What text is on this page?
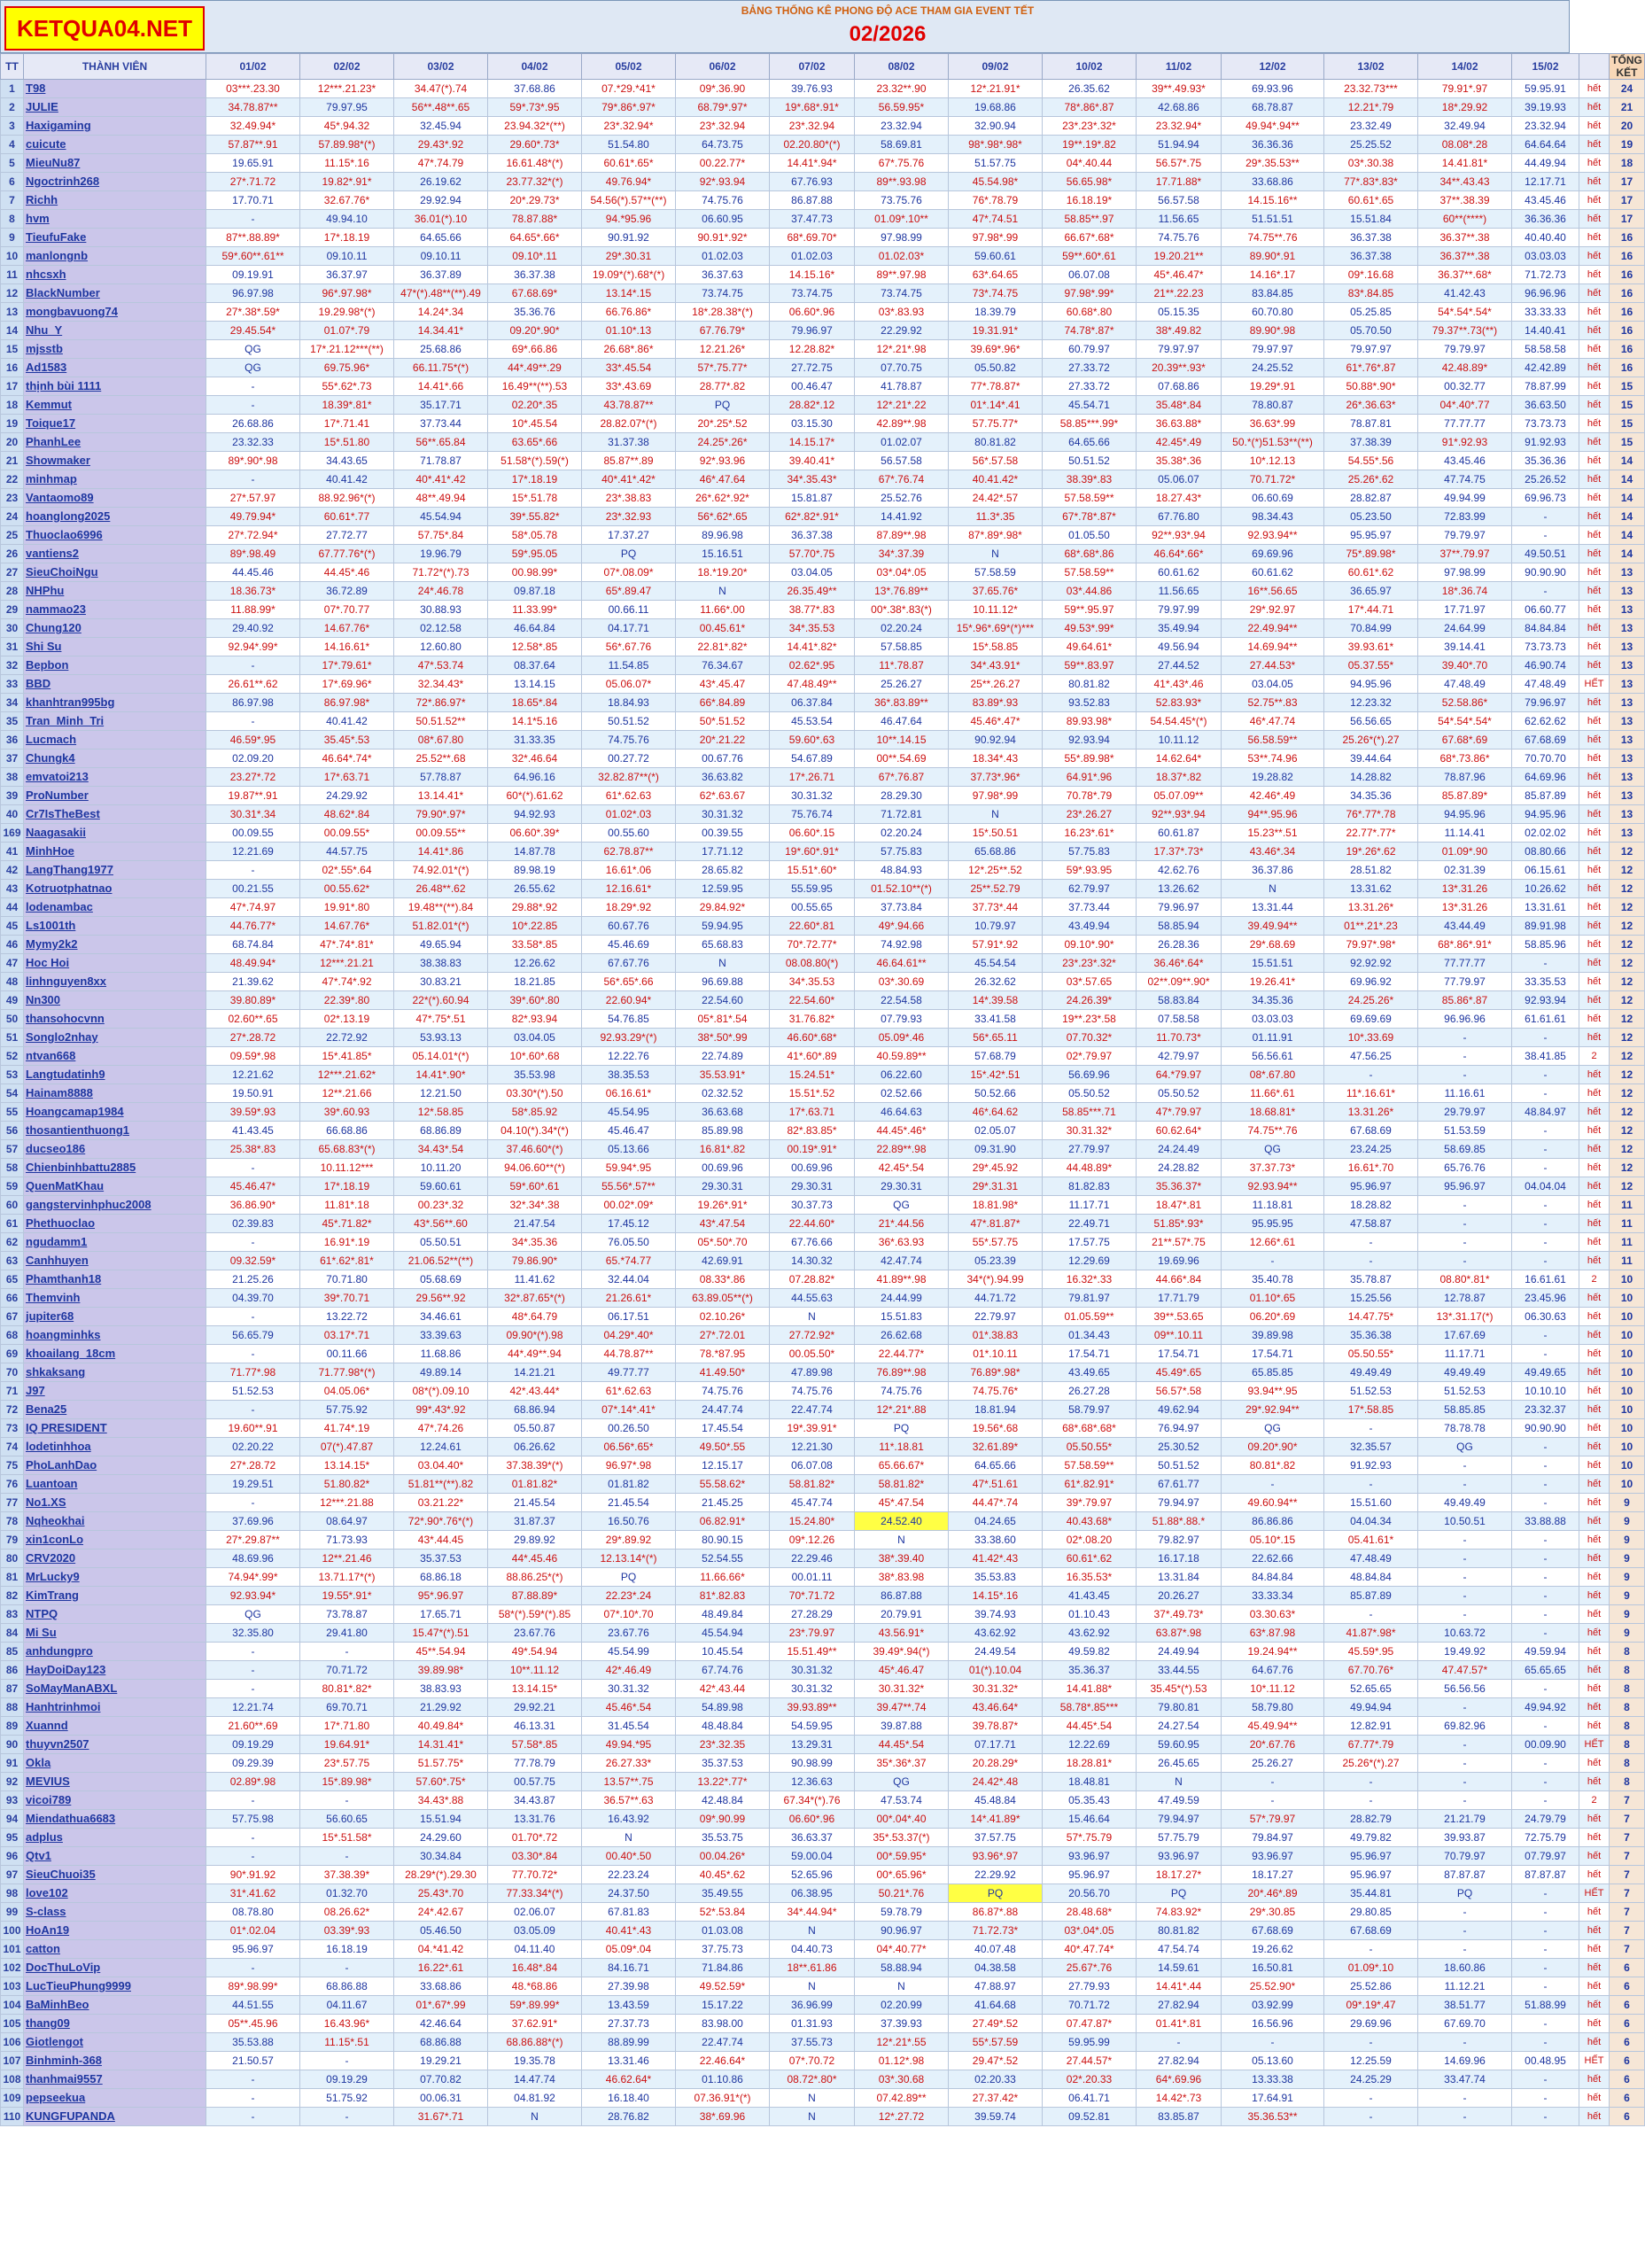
KETQUA04.NET
BẢNG THỐNG KÊ PHONG ĐỘ ACE THAM GIA EVENT TẾT
02/2026
TT	THÀNH VIÊN	01/02	02/02	03/02	04/02	05/02	06/02	07/02	08/02	09/02	10/02	11/02	12/02	13/02	14/02	15/02		TỔNG KẾT
1	T98	03***.23.30	12***.21.23*	34.47(*).74	37.68.86	07.*29.*41*	09*.36.90	39.76.93	23.32**.90	12*.21.91*	26.35.62	39**.49.93*	69.93.96	23.32.73***	79.91*.97	59.95.91	hết	24
2	JULIE	34.78.87**	79.97.95	56**.48**.65	59*.73*.95	79*.86*.97*	68.79*.97*	19*.68*.91*	56.59.95*	19.68.86	78*.86*.87	42.68.86	68.78.87	12.21*.79	18*.29.92	39.19.93	hết	21
3	Haxigaming	32.49.94*	45*.94.32	32.45.94	23.94.32*(**)	23*.32.94*	23*.32.94	23*.32.94	23.32.94	32.90.94	23*.23*.32*	23.32.94*	49.94*.94**	23.32.49	32.49.94	23.32.94	hết	20
4	cuicute	57.87**.91	57.89.98*(*)	29.43*.92	29.60*.73*	51.54.80	64.73.75	02.20.80*(*)	58.69.81	98*.98*.98*	19**.19*.82	51.94.94	36.36.36	25.25.52	08.08*.28	64.64.64	hết	19
5	MieuNu87	19.65.91	11.15*.16	47*.74.79	16.61.48*(*)	60.61*.65*	00.22.77*	14.41*.94*	67*.75.76	51.57.75	04*.40.44	56.57*.75	29*.35.53**	03*.30.38	14.41.81*	44.49.94	hết	18
6	Ngoctrinh268	27*.71.72	19.82*.91*	26.19.62	23.77.32*(*)	49.76.94*	92*.93.94	67.76.93	89**.93.98	45.54.98*	56.65.98*	17.71.88*	33.68.86	77*.83*.83*	34**.43.43	12.17.71	hết	17
7	Richh	17.70.71	32.67.76*	29.92.94	20*.29.73*	54.56(*).57**(**)	74.75.76	86.87.88	73.75.76	76*.78.79	16.18.19*	56.57.58	14.15.16**	60.61*.65	37**.38.39	43.45.46	hết	17
8	hvm	-	49.94.10	36.01(*).10	78.87.88*	94.*95.96	06.60.95	37.47.73	01.09*.10**	47*.74.51	58.85**.97	11.56.65	51.51.51	15.51.84	60**(****)	36.36.36	hết	17
9	TieufuFake	87**.88.89*	17*.18.19	64.65.66	64.65*.66*	90.91.92	90.91*.92*	68*.69.70*	97.98.99	97.98*.99	66.67*.68*	74.75.76	74.75**.76	36.37.38	36.37**.38	40.40.40	hết	16
10	manlongnb	59*.60**.61**	09.10.11	09.10.11	09.10*.11	29*.30.31	01.02.03	01.02.03	01.02.03*	59.60.61	59**.60*.61	19.20.21**	89.90*.91	36.37.38	36.37**.38	03.03.03	hết	16
11	nhcsxh	09.19.91	36.37.97	36.37.89	36.37.38	19.09*(*).68*(*)	36.37.63	14.15.16*	89**.97.98	63*.64.65	06.07.08	45*.46.47*	14.16*.17	09*.16.68	36.37**.68*	71.72.73	hết	16
12	BlackNumber	96.97.98	96*.97.98*	47*(*).48**(**).49	67.68.69*	13.14*.15	73.74.75	73.74.75	73.74.75	73*.74.75	97.98*.99*	21**.22.23	83.84.85	83*.84.85	41.42.43	96.96.96	hết	16
13	mongbavuong74	27*.38*.59*	19.29.98*(*)	14.24*.34	35.36.76	66.76.86*	18*.28.38*(*)	06.60*.96	03*.83.93	18.39.79	60.68*.80	05.15.35	60.70.80	05.25.85	54*.54*.54*	33.33.33	hết	16
14	Nhu_Y	29.45.54*	01.07*.79	14.34.41*	09.20*.90*	01.10*.13	67.76.79*	79.96.97	22.29.92	19.31.91*	74.78*.87*	38*.49.82	89.90*.98	05.70.50	79.37**.73(**)	14.40.41	hết	16
15	mjsstb	QG	17*.21.12***(**)	25.68.86	69*.66.86	26.68*.86*	12.21.26*	12.28.82*	12*.21*.98	39.69*.96*	60.79.97	79.97.97	79.97.97	79.97.97	79.79.97	58.58.58	hết	16
16	Ad1583	QG	69.75.96*	66.11.75*(*)	44*.49**.29	33*.45.54	57*.75.77*	27.72.75	07.70.75	05.50.82	27.33.72	20.39**.93*	24.25.52	61*.76*.87	42.48.89*	42.42.89	hết	16
17	thịnh bùi 1111	-	55*.62*.73	14.41*.66	16.49**(**).53	33*.43.69	28.77*.82	00.46.47	41.78.87	77*.78.87*	27.33.72	07.68.86	19.29*.91	50.88*.90*	00.32.77	78.87.99	hết	15
18	Kemmut	-	18.39*.81*	35.17.71	02.20*.35	43.78.87**	PQ	28.82*.12	12*.21*.22	01*.14*.41	45.54.71	35.48*.84	78.80.87	26*.36.63*	04*.40*.77	36.63.50	hết	15
19	Toique17	26.68.86	17*.71.41	37.73.44	10*.45.54	28.82.07*(*)	20*.25*.52	03.15.30	42.89**.98	57.75.77*	58.85***.99*	36.63.88*	36.63*.99	78.87.81	77.77.77	73.73.73	hết	15
20	PhanhLee	23.32.33	15*.51.80	56**.65.84	63.65*.66	31.37.38	24.25*.26*	14.15.17*	01.02.07	80.81.82	64.65.66	42.45*.49	50.*(*)51.53**(**)	37.38.39	91*.92.93	91.92.93	hết	15
21	Showmaker	89*.90*.98	34.43.65	71.78.87	51.58*(*).59(*)	85.87**.89	92*.93.96	39.40.41*	56.57.58	56*.57.58	50.51.52	35.38*.36	10*.12.13	54.55*.56	43.45.46	35.36.36	hết	14
22	minhmap	-	40.41.42	40*.41*.42	17*.18.19	40*.41*.42*	46*.47.64	34*.35.43*	67*.76.74	40.41.42*	38.39*.83	05.06.07	70.71.72*	25.26*.62	47.74.75	25.26.52	hết	14
23	Vantaomo89	27*.57.97	88.92.96*(*)	48**.49.94	15*.51.78	23*.38.83	26*.62*.92*	15.81.87	25.52.76	24.42*.57	57.58.59**	18.27.43*	06.60.69	28.82.87	49.94.99	69.96.73	hết	14
24	hoanglong2025	49.79.94*	60.61*.77	45.54.94	39*.55.82*	23*.32.93	56*.62*.65	62*.82*.91*	14.41.92	11.3*.35	67*.78*.87*	67.76.80	98.34.43	05.23.50	72.83.99	-	hết	14
25	Thuoclao6996	27*.72.94*	27.72.77	57.75*.84	58*.05.78	17.37.27	89.96.98	36.37.38	87.89**.98	87*.89*.98*	01.05.50	92**.93*.94	92.93.94**	95.95.97	79.79.97	-	hết	14
26	vantiens2	89*.98.49	67.77.76*(*)	19.96.79	59*.95.05	PQ	15.16.51	57.70*.75	34*.37.39	N	68*.68*.86	46.64*.66*	69.69.96	75*.89.98*	37**.79.97	49.50.51	hết	14
27	SieuChoiNgu	44.45.46	44.45*.46	71.72*(*).73	00.98.99*	07*.08.09*	18.*19.20*	03.04.05	03*.04*.05	57.58.59	57.58.59**	60.61.62	60.61.62	60.61*.62	97.98.99	90.90.90	hết	13
28	NHPhu	18.36.73*	36.72.89	24*.46.78	09.87.18	65*.89.47	N	26.35.49**	13*.76.89**	37.65.76*	03*.44.86	11.56.65	16**.56.65	36.65.97	18*.36.74	-	hết	13
29	nammao23	11.88.99*	07*.70.77	30.88.93	11.33.99*	00.66.11	11.66*.00	38.77*.83	00*.38*.83(*)	10.11.12*	59**.95.97	79.97.99	29*.92.97	17*.44.71	17.71.97	06.60.77	hết	13
30	Chung120	29.40.92	14.67.76*	02.12.58	46.64.84	04.17.71	00.45.61*	34*.35.53	02.20.24	15*.96*.69*(*)***	49.53*.99*	35.49.94	22.49.94**	70.84.99	24.64.99	84.84.84	hết	13
31	Shi Su	92.94*.99*	14.16.61*	12.60.80	12.58*.85	56*.67.76	22.81*.82*	14.41*.82*	57.58.85	15*.58.85	49.64.61*	49.56.94	14.69.94**	39.93.61*	39.14.41	73.73.73	hết	13
32	Bepbon	-	17*.79.61*	47*.53.74	08.37.64	11.54.85	76.34.67	02.62*.95	11*.78.87	34*.43.91*	59**.83.97	27.44.52	27.44.53*	05.37.55*	39.40*.70	46.90.74	hết	13
33	BBD	26.61**.62	17*.69.96*	32.34.43*	13.14.15	05.06.07*	43*.45.47	47.48.49**	25.26.27	25**.26.27	80.81.82	41*.43*.46	03.04.05	94.95.96	47.48.49	47.48.49	HẾT	13
34	khanhtran995bg	86.97.98	86.97.98*	72*.86.97*	18.65*.84	18.84.93	66*.84.89	06.37.84	36*.83.89**	83.89*.93	93.52.83	52.83.93*	52.75**.83	12.23.32	52.58.86*	79.96.97	hết	13
35	Tran_Minh_Tri	-	40.41.42	50.51.52**	14.1*5.16	50.51.52	50*.51.52	45.53.54	46.47.64	45.46*.47*	89.93.98*	54.54.45*(*)	46*.47.74	56.56.65	54*.54*.54*	62.62.62	hết	13
36	Lucmach	46.59*.95	35.45*.53	08*.67.80	31.33.35	74.75.76	20*.21.22	59.60*.63	10**.14.15	90.92.94	92.93.94	10.11.12	56.58.59**	25.26*(*).27	67.68*.69	67.68.69	hết	13
37	Chungk4	02.09.20	46.64*.74*	25.52**.68	32*.46.64	00.27.72	00.67.76	54.67.89	00**.54.69	18.34*.43	55*.89.98*	14.62.64*	53**.74.96	39.44.64	68*.73.86*	70.70.70	hết	13
38	emvatoi213	23.27*.72	17*.63.71	57.78.87	64.96.16	32.82.87**(*)	36.63.82	17*.26.71	67*.76.87	37.73*.96*	64.91*.96	18.37*.82	19.28.82	14.28.82	78.87.96	64.69.96	hết	13
39	ProNumber	19.87**.91	24.29.92	13.14.41*	60*(*).61.62	61*.62.63	62*.63.67	30.31.32	28.29.30	97.98*.99	70.78*.79	05.07.09**	42.46*.49	34.35.36	85.87.89*	85.87.89	hết	13
40	Cr7IsTheBest	30.31*.34	48.62*.84	79.90*.97*	94.92.93	01.02*.03	30.31.32	75.76.74	71.72.81	N	23*.26.27	92**.93*.94	94**.95.96	76*.77*.78	94.95.96	94.95.96	hết	13
169	Naagasakii	00.09.55	00.09.55*	00.09.55**	06.60*.39*	00.55.60	00.39.55	06.60*.15	02.20.24	15*.50.51	16.23*.61*	60.61.87	15.23**.51	22.77*.77*	11.14.41	02.02.02	hết	13
41	MinhHoe	12.21.69	44.57.75	14.41*.86	14.87.78	62.78.87**	17.71.12	19*.60*.91*	57.75.83	65.68.86	57.75.83	17.37*.73*	43.46*.34	19*.26*.62	01.09*.90	08.80.66	hết	12
42	LangThang1977	-	02*.55*.64	74.92.01*(*)	89.98.19	16.61*.06	28.65.82	15.51*.60*	48.84.93	12*.25**.52	59*.93.95	42.62.76	36.37.86	28.51.82	02.31.39	06.15.61	hết	12
43	Kotruotphatnao	00.21.55	00.55.62*	26.48**.62	26.55.62	12.16.61*	12.59.95	55.59.95	01.52.10**(*)	25**.52.79	62.79.97	13.26.62	N	13.31.62	13*.31.26	10.26.62	hết	12
44	lodenambac	47*.74.97	19.91*.80	19.48**(**).84	29.88*.92	18.29*.92	29.84.92*	00.55.65	37.73.84	37.73*.44	37.73.44	79.96.97	13.31.44	13.31.26*	13*.31.26	13.31.61	hết	12
45	Ls1001th	44.76.77*	14.67.76*	51.82.01*(*)	10*.22.85	60.67.76	59.94.95	22.60*.81	49*.94.66	10.79.97	43.49.94	58.85.94	39.49.94**	01**.21*.23	43.44.49	89.91.98	hết	12
46	Mymy2k2	68.74.84	47*.74*.81*	49.65.94	33.58*.85	45.46.69	65.68.83	70*.72.77*	74.92.98	57.91*.92	09.10*.90*	26.28.36	29*.68.69	79.97*.98*	68*.86*.91*	58.85.96	hết	12
47	Hoc Hoi	48.49.94*	12***.21.21	38.38.83	12.26.62	67.67.76	N	08.08.80(*)	46.64.61**	45.54.54	23*.23*.32*	36.46*.64*	15.51.51	92.92.92	77.77.77	-	hết	12
48	linhnguyen8xx	21.39.62	47*.74*.92	30.83.21	18.21.85	56*.65*.66	96.69.88	34*.35.53	03*.30.69	26.32.62	03*.57.65	02**.09**.90*	19.26.41*	69.96.92	77.79.97	33.35.53	hết	12
49	Nn300	39.80.89*	22.39*.80	22*(*).60.94	39*.60*.80	22.60.94*	22.54.60	22.54.60*	22.54.58	14*.39.58	24.26.39*	58.83.84	34.35.36	24.25.26*	85.86*.87	92.93.94	hết	12
50	thansohocvnn	02.60**.65	02*.13.19	47*.75*.51	82*.93.94	54.76.85	05*.81*.54	31.76.82*	07.79.93	33.41.58	19**.23*.58	07.58.58	03.03.03	69.69.69	96.96.96	61.61.61	hết	12
51	Songlo2nhay	27*.28.72	22.72.92	53.93.13	03.04.05	92.93.29*(*)	38*.50*.99	46.60*.68*	05.09*.46	56*.65.11	07.70.32*	11.70.73*	01.11.91	10*.33.69	-	-	hết	12
52	ntvan668	09.59*.98	15*.41.85*	05.14.01*(*)	10*.60*.68	12.22.76	22.74.89	41*.60*.89	40.59.89**	57.68.79	02*.79.97	42.79.97	56.56.61	47.56.25	-	38.41.85	2	12
53	Langtudatinh9	12.21.62	12***.21.62*	14.41*.90*	35.53.98	38.35.53	35.53.91*	15.24.51*	06.22.60	15*.42*.51	56.69.96	64.*79.97	08*.67.80	-	-	-	hết	12
54	Hainam8888	19.50.91	12**.21.66	12.21.50	03.30*(*).50	06.16.61*	02.32.52	15.51*.52	02.52.66	50.52.66	05.50.52	05.50.52	11.66*.61	11*.16.61*	11.16.61	-	hết	12
55	Hoangcamap1984	39.59*.93	39*.60.93	12*.58.85	58*.85.92	45.54.95	36.63.68	17*.63.71	46.64.63	46*.64.62	58.85***.71	47*.79.97	18.68.81*	13.31.26*	29.79.97	48.84.97	hết	12
56	thosantienthuong1	41.43.45	66.68.86	68.86.89	04.10(*).34*(*)	45.46.47	85.89.98	82*.83.85*	44.45*.46*	02.05.07	30.31.32*	60.62.64*	74.75**.76	67.68.69	51.53.59	-	hết	12
57	ducseo186	25.38*.83	65.68.83*(*)	34.43*.54	37.46.60*(*)	05.13.66	16.81*.82	00.19*.91*	22.89**.98	09.31.90	27.79.97	24.24.49	QG	23.24.25	58.69.85	-	hết	12
58	Chienbinhbattu2885	-	10.11.12***	10.11.20	94.06.60**(*)	59.94*.95	00.69.96	00.69.96	42.45*.54	29*.45.92	44.48.89*	24.28.82	37.37.73*	16.61*.70	65.76.76	-	hết	12
59	QuenMatKhau	45.46.47*	17*.18.19	59.60.61	59*.60*.61	55.56*.57**	29.30.31	29.30.31	29.30.31	29*.31.31	81.82.83	35.36.37*	92.93.94**	95.96.97	95.96.97	04.04.04	hết	12
60	gangstervinhphuc2008	36.86.90*	11.81*.18	00.23*.32	32*.34*.38	00.02*.09*	19.26*.91*	30.37.73	QG	18.81.98*	11.17.71	18.47*.81	11.18.81	18.28.82	-	-	hết	11
61	Phethuoclao	02.39.83	45*.71.82*	43*.56**.60	21.47.54	17.45.12	43*.47.54	22.44.60*	21*.44.56	47*.81.87*	22.49.71	51.85*.93*	95.95.95	47.58.87	-	-	hết	11
62	ngudamm1	-	16.91*.19	05.50.51	34*.35.36	76.05.50	05*.50*.70	67.76.66	36*.63.93	55*.57.75	17.57.75	21**.57*.75	12.66*.61	-	-	-	hết	11
63	Canhhuyen	09.32.59*	61*.62*.81*	21.06.52**(**)	79.86.90*	65.*74.77	42.69.91	14.30.32	42.47.74	05.23.39	12.29.69	19.69.96	-	-	-	-	hết	11
65	Phamthanh18	21.25.26	70.71.80	05.68.69	11.41.62	32.44.04	08.33*.86	07.28.82*	41.89**.98	34*(*).94.99	16.32*.33	44.66*.84	35.40.78	35.78.87	08.80*.81*	16.61.61	2	10
66	Themvinh	04.39.70	39*.70.71	29.56**.92	32*.87.65*(*)	21.26.61*	63.89.05**(*)	44.55.63	24.44.99	44.71.72	79.81.97	17.71.79	01.10*.65	15.25.56	12.78.87	23.45.96	hết	10
67	jupiter68	-	13.22.72	34.46.61	48*.64.79	06.17.51	02.10.26*	N	15.51.83	22.79.97	01.05.59**	39**.53.65	06.20*.69	14.47.75*	13*.31.17(*)	06.30.63	hết	10
68	hoangminhks	56.65.79	03.17*.71	33.39.63	09.90*(*).98	04.29*.40*	27*.72.01	27.72.92*	26.62.68	01*.38.83	01.34.43	09**.10.11	39.89.98	35.36.38	17.67.69	-	hết	10
69	khoailang_18cm	-	00.11.66	11.68.86	44*.49**.94	44.78.87**	78.*87.95	00.05.50*	22.44.77*	01*.10.11	17.54.71	17.54.71	17.54.71	05.50.55*	11.17.71	-	hết	10
70	shkaksang	71.77*.98	71.77.98*(*)	49.89.14	14.21.21	49.77.77	41.49.50*	47.89.98	76.89**.98	76.89*.98*	43.49.65	45.49*.65	65.85.85	49.49.49	49.49.49	49.49.65	hết	10
71	J97	51.52.53	04.05.06*	08*(*).09.10	42*.43.44*	61*.62.63	74.75.76	74.75.76	74.75.76	74.75.76*	26.27.28	56.57*.58	93.94**.95	51.52.53	51.52.53	10.10.10	hết	10
72	Bena25	-	57.75.92	99*.43*.92	68.86.94	07*.14*.41*	24.47.74	22.47.74	12*.21*.88	18.81.94	58.79.97	49.62.94	29*.92.94**	17*.58.85	58.85.85	23.32.37	hết	10
73	IQ PRESIDENT	19.60**.91	41.74*.19	47*.74.26	05.50.87	00.26.50	17.45.54	19*.39.91*	PQ	19.56*.68	68*.68*.68*	76.94.97	QG	-	78.78.78	90.90.90	hết	10
74	lodetinhhoa	02.20.22	07(*).47.87	12.24.61	06.26.62	06.56*.65*	49.50*.55	12.21.30	11*.18.81	32.61.89*	05.50.55*	25.30.52	09.20*.90*	32.35.57	QG	-	hết	10
75	PhoLanhDao	27*.28.72	13.14.15*	03.04.40*	37.38.39*(*)	96.97*.98	12.15.17	06.07.08	65.66.67*	64.65.66	57.58.59**	50.51.52	80.81*.82	91.92.93	-	-	hết	10
76	Luantoan	19.29.51	51.80.82*	51.81**(**).82	01.81.82*	01.81.82	55.58.62*	58.81.82*	58.81.82*	47*.51.61	61*.82.91*	67.61.77	-	-	-	-	hết	10
77	No1.XS	-	12***.21.88	03.21.22*	21.45.54	21.45.54	21.45.25	45.47.74	45*.47.54	44.47*.74	39*.79.97	79.94.97	49.60.94**	15.51.60	49.49.49	-	hết	9
78	Nqheokhai	37.69.96	08.64.97	72*.90*.76*(*)	31.87.37	16.50.76	06.82.91*	15.24.80*	24.52.40	04.24.65	40.43.68*	51.88*.88.*	86.86.86	04.04.34	10.50.51	33.88.88	hết	9
79	xin1conLo	27*.29.87**	71.73.93	43*.44.45	29.89.92	29*.89.92	80.90.15	09*.12.26	N	33.38.60	02*.08.20	79.82.97	05.10*.15	05.41.61*	-	-	hết	9
80	CRV2020	48.69.96	12**.21.46	35.37.53	44*.45.46	12.13.14*(*)	52.54.55	22.29.46	38*.39.40	41.42*.43	60.61*.62	16.17.18	22.62.66	47.48.49	-	-	hết	9
81	MrLucky9	74.94*.99*	13.71.17*(*)	68.86.18	88.86.25*(*)	PQ	11.66.66*	00.01.11	38*.83.98	35.53.83	16.35.53*	13.31.84	84.84.84	48.84.84	-	-	hết	9
82	KimTrang	92.93.94*	19.55*.91*	95*.96.97	87.88.89*	22.23*.24	81*.82.83	70*.71.72	86.87.88	14.15*.16	41.43.45	20.26.27	33.33.34	85.87.89	-	-	hết	9
83	NTPQ	QG	73.78.87	17.65.71	58*(*).59*(*).85	07*.10*.70	48.49.84	27.28.29	20.79.91	39.74.93	01.10.43	37*.49.73*	03.30.63*	-	-	-	hết	9
84	Mi Su	32.35.80	29.41.80	15.47*(*).51	23.67.76	23.67.76	45.54.94	23*.79.97	43.56.91*	43.62.92	43.62.92	63.87*.98	63*.87.98	41.87*.98*	10.63.72	-	hết	9
85	anhdungpro	-	-	45**.54.94	49*.54.94	45.54.99	10.45.54	15.51.49**	39.49*.94(*)	24.49.54	49.59.82	24.49.94	19.24.94**	45.59*.95	19.49.92	49.59.94	hết	8
86	HayDoiDay123	-	70.71.72	39.89.98*	10**.11.12	42*.46.49	67.74.76	30.31.32	45*.46.47	01(*).10.04	35.36.37	33.44.55	64.67.76	67.70.76*	47.47.57*	65.65.65	hết	8
87	SoMayManABXL	-	80.81*.82*	38.83.93	13.14.15*	30.31.32	42*.43.44	30.31.32	30.31.32*	30.31.32*	14.41.88*	35.45*(*).53	10*.11.12	52.65.65	56.56.56	-	hết	8
88	Hanhtrinhmoi	12.21.74	69.70.71	21.29.92	29.92.21	45.46*.54	54.89.98	39.93.89**	39.47**.74	43.46.64*	58.78*.85***	79.80.81	58.79.80	49.94.94	-	49.94.92	hết	8
89	Xuannd	21.60**.69	17*.71.80	40.49.84*	46.13.31	31.45.54	48.48.84	54.59.95	39.87.88	39.78.87*	44.45*.54	24.27.54	45.49.94**	12.82.91	69.82.96	-	hết	8
90	thuyvn2507	09.19.29	19.64.91*	14.31.41*	57.58*.85	49.94.*95	23*.32.35	13.29.31	44.45*.54	07.17.71	12.22.69	59.60.95	20*.67.76	67.77*.79	-	00.09.90	HẾT	8
91	Okla	09.29.39	23*.57.75	51.57.75*	77.78.79	26.27.33*	35.37.53	90.98.99	35*.36*.37	20.28.29*	18.28.81*	26.45.65	25.26.27	25.26*(*).27	-	-	hết	8
92	MEVIUS	02.89*.98	15*.89.98*	57.60*.75*	00.57.75	13.57**.75	13.22*.77*	12.36.63	QG	24.42*.48	18.48.81	N	-	-	-	-	hết	8
93	vicoi789	-	-	34.43*.88	34.43.87	36.57**.63	42.48.84	67.34*(*).76	47.53.74	45.48.84	05.35.43	47.49.59	-	-	-	-	2	7
94	Miendathua6683	57.75.98	56.60.65	15.51.94	13.31.76	16.43.92	09*.90.99	06.60*.96	00*.04*.40	14*.41.89*	15.46.64	79.94.97	57*.79.97	28.82.79	21.21.79	24.79.79	hết	7
95	adplus	-	15*.51.58*	24.29.60	01.70*.72	N	35.53.75	36.63.37	35*.53.37(*)	37.57.75	57*.75.79	57.75.79	79.84.97	49.79.82	39.93.87	72.75.79	hết	7
96	Qtv1	-	-	30.34.84	03.30*.84	00.40*.50	00.04.26*	59.00.04	00*.59.95*	93.96*.97	93.96.97	93.96.97	93.96.97	95.96.97	70.79.97	07.79.97	hết	7
97	SieuChuoi35	90*.91.92	37.38.39*	28.29*(*).29.30	77.70.72*	22.23.24	40.45*.62	52.65.96	00*.65.96*	22.29.92	95.96.97	18.17.27*	18.17.27	95.96.97	87.87.87	87.87.87	hết	7
98	love102	31*.41.62	01.32.70	25.43*.70	77.33.34*(*)	24.37.50	35.49.55	06.38.95	50.21*.76	PQ	20.56.70	PQ	20*.46*.89	35.44.81	PQ	-	HẾT	7
99	S-class	08.78.80	08.26.62*	24*.42.67	02.06.07	67.81.83	52*.53.84	34*.44.94*	59.78.79	86.87*.88	28.48.68*	74.83.92*	29*.30.85	29.80.85	-	-	hết	7
100	HoAn19	01*.02.04	03.39*.93	05.46.50	03.05.09	40.41*.43	01.03.08	N	90.96.97	71.72.73*	03*.04*.05	80.81.82	67.68.69	67.68.69	-	-	hết	7
101	catton	95.96.97	16.18.19	04.*41.42	04.11.40	05.09*.04	37.75.73	04.40.73	04*.40.77*	40.07.48	40*.47.74*	47.54.74	19.26.62	-	-	-	hết	7
102	DocThuLoVip	-	-	16.22*.61	16.48*.84	84.16.71	71.84.86	18**.61.86	58.88.94	04.38.58	25.67*.76	14.59.61	16.50.81	01.09*.10	18.60.86	-	hết	6
103	LucTieuPhung9999	89*.98.99*	68.86.88	33.68.86	48.*68.86	27.39.98	49.52.59*	N	N	47.88.97	27.79.93	14.41*.44	25.52.90*	25.52.86	11.12.21	-	hết	6
104	BaMinhBeo	44.51.55	04.11.67	01*.67*.99	59*.89.99*	13.43.59	15.17.22	36.96.99	02.20.99	41.64.68	70.71.72	27.82.94	03.92.99	09*.19*.47	38.51.77	51.88.99	hết	6
105	thang09	05**.45.96	16.43.96*	42.46.64	37.62.91*	27.37.73	83.98.00	01.31.93	37.39.93	27.49*.52	07.47.87*	01.41*.81	16.56.96	29.69.96	67.69.70	-	hết	6
106	Giotlengot	35.53.88	11.15*.51	68.86.88	68.86.88*(*)	88.89.99	22.47.74	37.55.73	12*.21*.55	55*.57.59	59.95.99	-	-	-	-	-	hết	6
107	Binhminh-368	21.50.57	-	19.29.21	19.35.78	13.31.46	22.46.64*	07*.70.72	01.12*.98	29.47*.52	27.44.57*	27.82.94	05.13.60	12.25.59	14.69.96	00.48.95	HẾT	6
108	thanhmai9557	-	09.19.29	07.70.82	14.47.74	46.62.64*	01.10.86	08.72*.80*	03*.30.68	02.20.33	02*.20.33	64*.69.96	13.33.38	24.25.29	33.47.74	-	hết	6
109	pepseekua	-	51.75.92	00.06.31	04.81.92	16.18.40	07.36.91*(*)	N	07.42.89**	27.37.42*	06.41.71	14.42*.73	17.64.91	-	-	-	hết	6
110	KUNGFUPANDA	-	-	31.67*.71	N	28.76.82	38*.69.96	N	12*.27.72	39.59.74	09.52.81	83.85.87	35.36.53**	-	-	-	hết	6
